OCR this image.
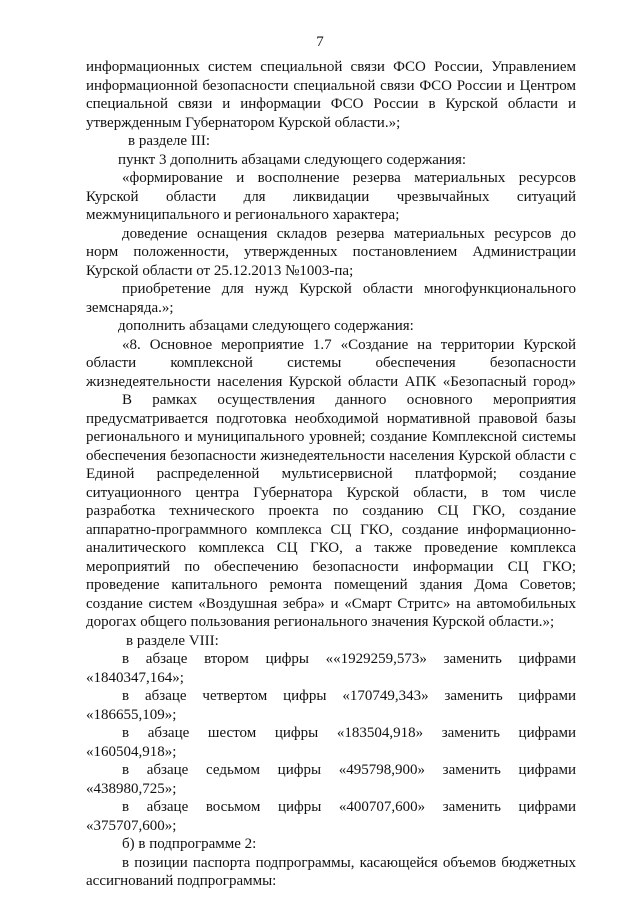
7
информационных систем специальной связи ФСО России, Управлением
информационной безопасности специальной связи ФСО России и Центром
специальной связи и информации ФСО России в Курской области и
утвержденным Губернатором Курской области.»;
в разделе III:
пункт 3 дополнить абзацами следующего содержания:
«формирование и восполнение резерва материальных ресурсов
Курской области для ликвидации чрезвычайных ситуаций
межмуниципального и регионального характера;
доведение оснащения складов резерва материальных ресурсов до
норм положенности, утвержденных постановлением Администрации
Курской области от 25.12.2013 №1003-па;
приобретение для нужд Курской области многофункционального
земснаряда.»;
дополнить абзацами следующего содержания:
«8. Основное мероприятие 1.7 «Создание на территории Курской
области комплексной системы обеспечения безопасности
жизнедеятельности населения Курской области АПК «Безопасный город»
В рамках осуществления данного основного мероприятия
предусматривается подготовка необходимой нормативной правовой базы
регионального и муниципального уровней; создание Комплексной системы
обеспечения безопасности жизнедеятельности населения Курской области с
Единой распределенной мультисервисной платформой; создание
ситуационного центра Губернатора Курской области, в том числе
разработка технического проекта по созданию СЦ ГКО, создание
аппаратно-программного комплекса СЦ ГКО, создание информационно-
аналитического комплекса СЦ ГКО, а также проведение комплекса
мероприятий по обеспечению безопасности информации СЦ ГКО;
проведение капитального ремонта помещений здания Дома Советов;
создание систем «Воздушная зебра» и «Смарт Стритс» на автомобильных
дорогах общего пользования регионального значения Курской области.»;
в разделе VIII:
в абзаце втором цифры ««1929259,573» заменить цифрами
«1840347,164»;
в абзаце четвертом цифры «170749,343» заменить цифрами
«186655,109»;
в абзаце шестом цифры «183504,918» заменить цифрами
«160504,918»;
в абзаце седьмом цифры «495798,900» заменить цифрами
«438980,725»;
в абзаце восьмом цифры «400707,600» заменить цифрами
«375707,600»;
б) в подпрограмме 2:
в позиции паспорта подпрограммы, касающейся объемов бюджетных
ассигнований подпрограммы:
